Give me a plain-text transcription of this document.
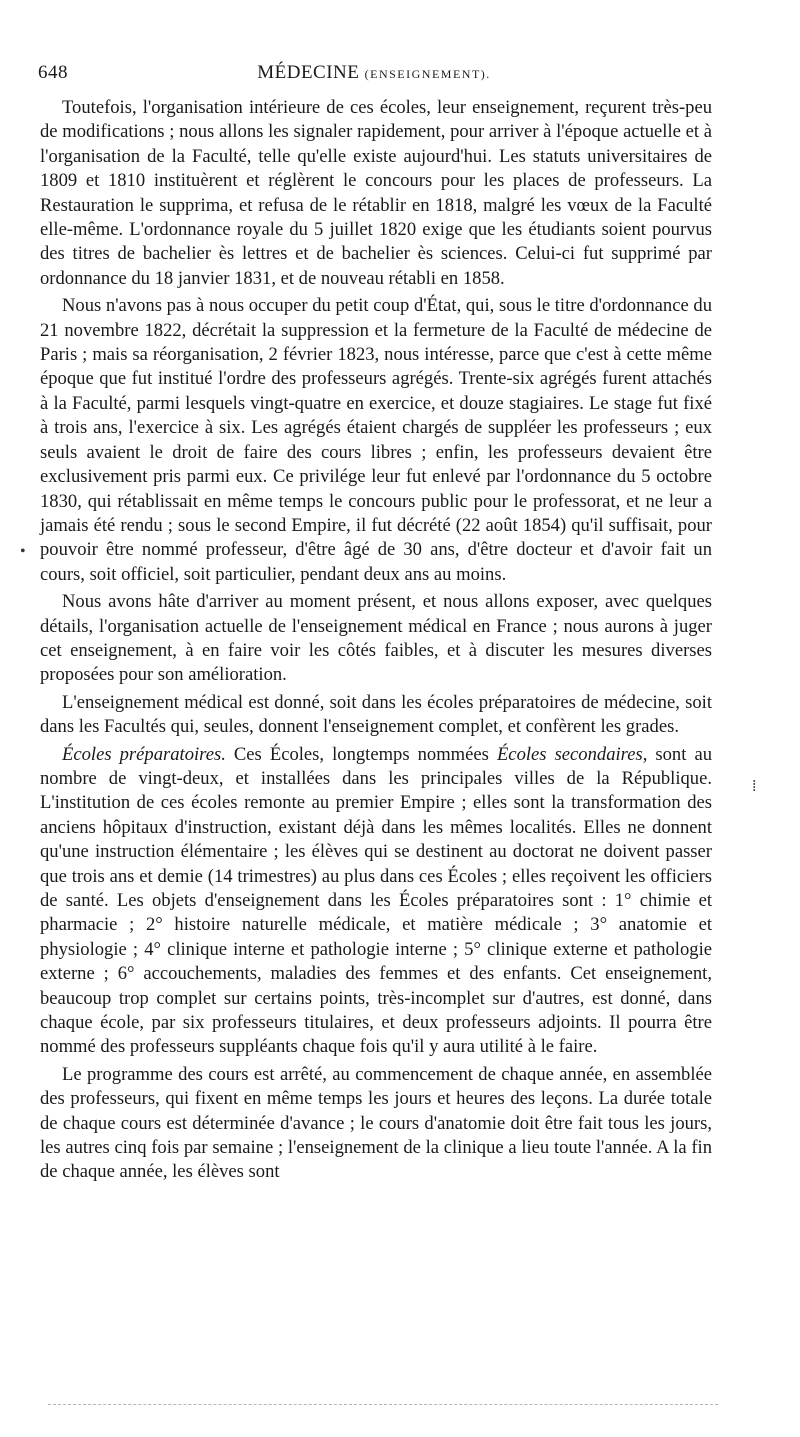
648	MÉDECINE (ENSEIGNEMENT).

Toutefois, l'organisation intérieure de ces écoles, leur enseignement, reçurent très-peu de modifications ; nous allons les signaler rapidement, pour arriver à l'époque actuelle et à l'organisation de la Faculté, telle qu'elle existe aujourd'hui. Les statuts universitaires de 1809 et 1810 instituèrent et réglèrent le concours pour les places de professeurs. La Restauration le supprima, et refusa de le rétablir en 1818, malgré les vœux de la Faculté elle-même. L'ordonnance royale du 5 juillet 1820 exige que les étudiants soient pourvus des titres de bachelier ès lettres et de bachelier ès sciences. Celui-ci fut supprimé par ordonnance du 18 janvier 1831, et de nouveau rétabli en 1858.

Nous n'avons pas à nous occuper du petit coup d'État, qui, sous le titre d'ordonnance du 21 novembre 1822, décrétait la suppression et la fermeture de la Faculté de médecine de Paris ; mais sa réorganisation, 2 février 1823, nous intéresse, parce que c'est à cette même époque que fut institué l'ordre des professeurs agrégés. Trente-six agrégés furent attachés à la Faculté, parmi lesquels vingt-quatre en exercice, et douze stagiaires. Le stage fut fixé à trois ans, l'exercice à six. Les agrégés étaient chargés de suppléer les professeurs ; eux seuls avaient le droit de faire des cours libres ; enfin, les professeurs devaient être exclusivement pris parmi eux. Ce privilége leur fut enlevé par l'ordonnance du 5 octobre 1830, qui rétablissait en même temps le concours public pour le professorat, et ne leur a jamais été rendu ; sous le second Empire, il fut décrété (22 août 1854) qu'il suffisait, pour pouvoir être nommé professeur, d'être âgé de 30 ans, d'être docteur et d'avoir fait un cours, soit officiel, soit particulier, pendant deux ans au moins.

Nous avons hâte d'arriver au moment présent, et nous allons exposer, avec quelques détails, l'organisation actuelle de l'enseignement médical en France ; nous aurons à juger cet enseignement, à en faire voir les côtés faibles, et à discuter les mesures diverses proposées pour son amélioration.

L'enseignement médical est donné, soit dans les écoles préparatoires de médecine, soit dans les Facultés qui, seules, donnent l'enseignement complet, et confèrent les grades.

Écoles préparatoires. Ces Écoles, longtemps nommées Écoles secondaires, sont au nombre de vingt-deux, et installées dans les principales villes de la République. L'institution de ces écoles remonte au premier Empire ; elles sont la transformation des anciens hôpitaux d'instruction, existant déjà dans les mêmes localités. Elles ne donnent qu'une instruction élémentaire ; les élèves qui se destinent au doctorat ne doivent passer que trois ans et demie (14 trimestres) au plus dans ces Écoles ; elles reçoivent les officiers de santé. Les objets d'enseignement dans les Écoles préparatoires sont : 1° chimie et pharmacie ; 2° histoire naturelle médicale, et matière médicale ; 3° anatomie et physiologie ; 4° clinique interne et pathologie interne ; 5° clinique externe et pathologie externe ; 6° accouchements, maladies des femmes et des enfants. Cet enseignement, beaucoup trop complet sur certains points, très-incomplet sur d'autres, est donné, dans chaque école, par six professeurs titulaires, et deux professeurs adjoints. Il pourra être nommé des professeurs suppléants chaque fois qu'il y aura utilité à le faire.

Le programme des cours est arrêté, au commencement de chaque année, en assemblée des professeurs, qui fixent en même temps les jours et heures des leçons. La durée totale de chaque cours est déterminée d'avance ; le cours d'anatomie doit être fait tous les jours, les autres cinq fois par semaine ; l'enseignement de la clinique a lieu toute l'année. A la fin de chaque année, les élèves sont

•
⁞
